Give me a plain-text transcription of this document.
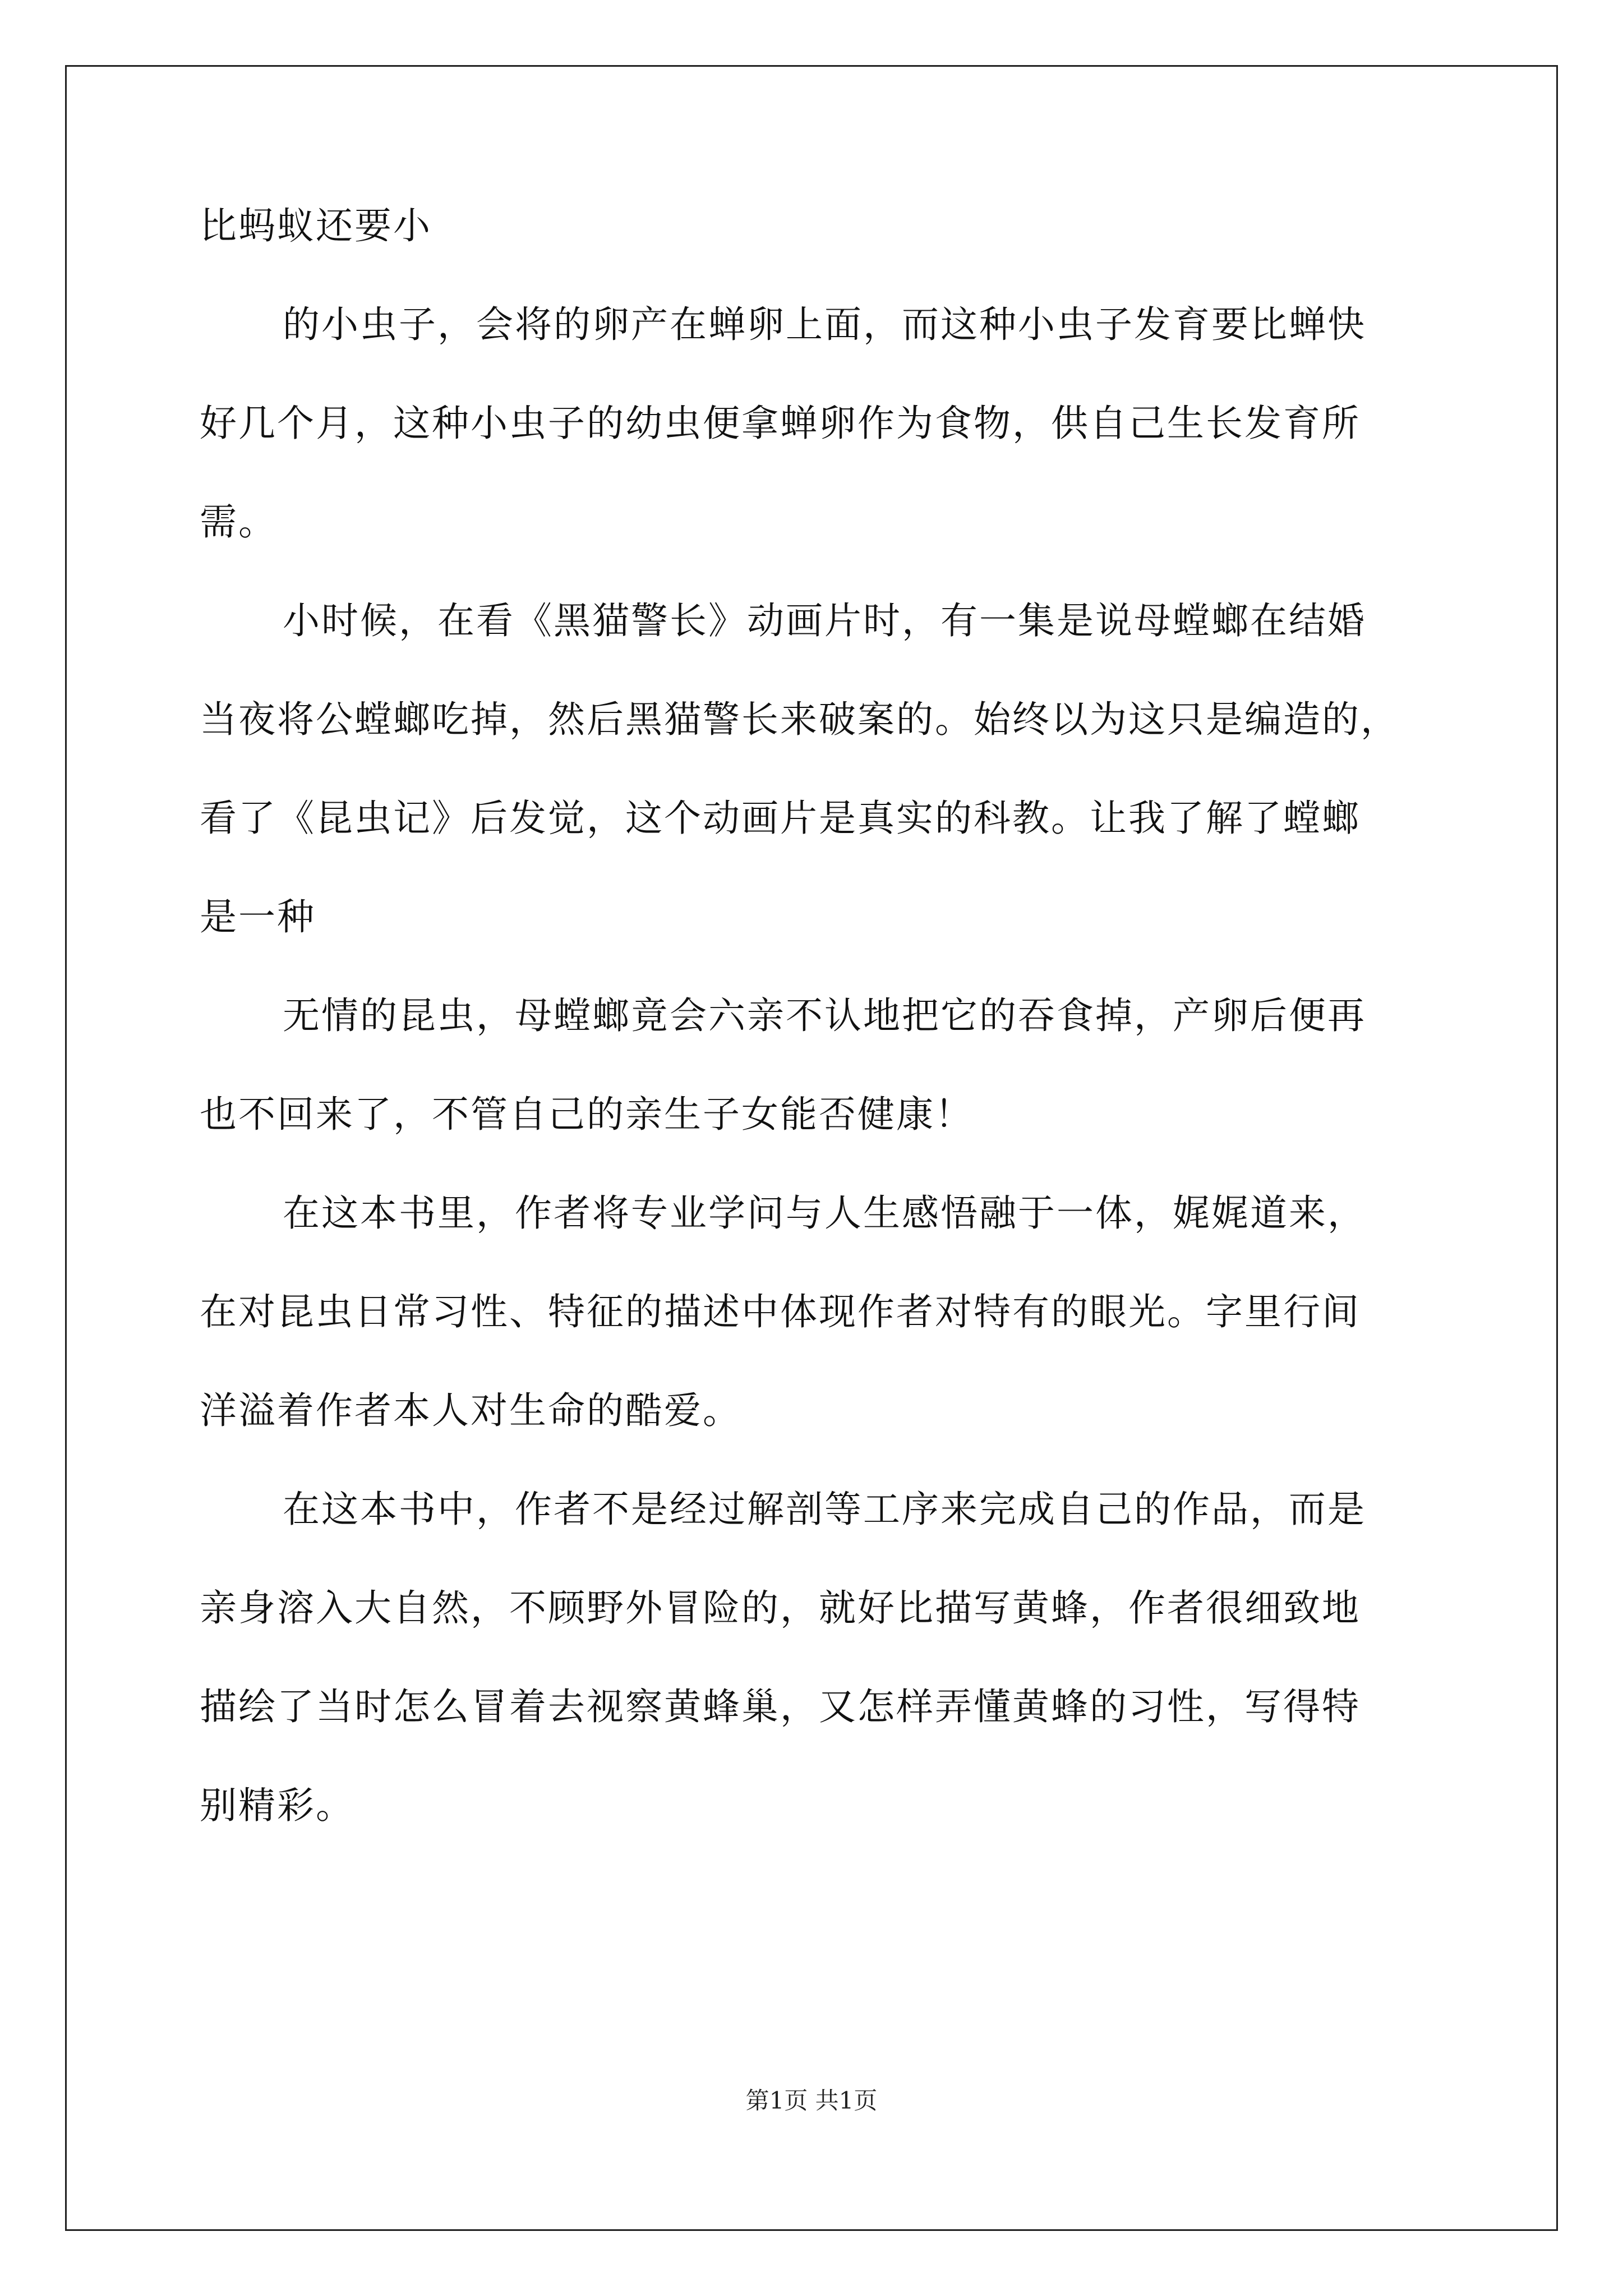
比蚂蚁还要小
的小虫子，会将的卵产在蝉卵上面，而这种小虫子发育要比蝉快
好几个月，这种小虫子的幼虫便拿蝉卵作为食物，供自己生长发育所
需。
小时候，在看《黑猫警长》动画片时，有一集是说母螳螂在结婚
当夜将公螳螂吃掉，然后黑猫警长来破案的。始终以为这只是编造的，
看了《昆虫记》后发觉，这个动画片是真实的科教。让我了解了螳螂
是一种
无情的昆虫，母螳螂竟会六亲不认地把它的吞食掉，产卵后便再
也不回来了，不管自己的亲生子女能否健康！
在这本书里，作者将专业学问与人生感悟融于一体，娓娓道来，
在对昆虫日常习性、特征的描述中体现作者对特有的眼光。字里行间
洋溢着作者本人对生命的酷爱。
在这本书中，作者不是经过解剖等工序来完成自己的作品，而是
亲身溶入大自然，不顾野外冒险的，就好比描写黄蜂，作者很细致地
描绘了当时怎么冒着去视察黄蜂巢，又怎样弄懂黄蜂的习性，写得特
别精彩。
第1页 共1页
